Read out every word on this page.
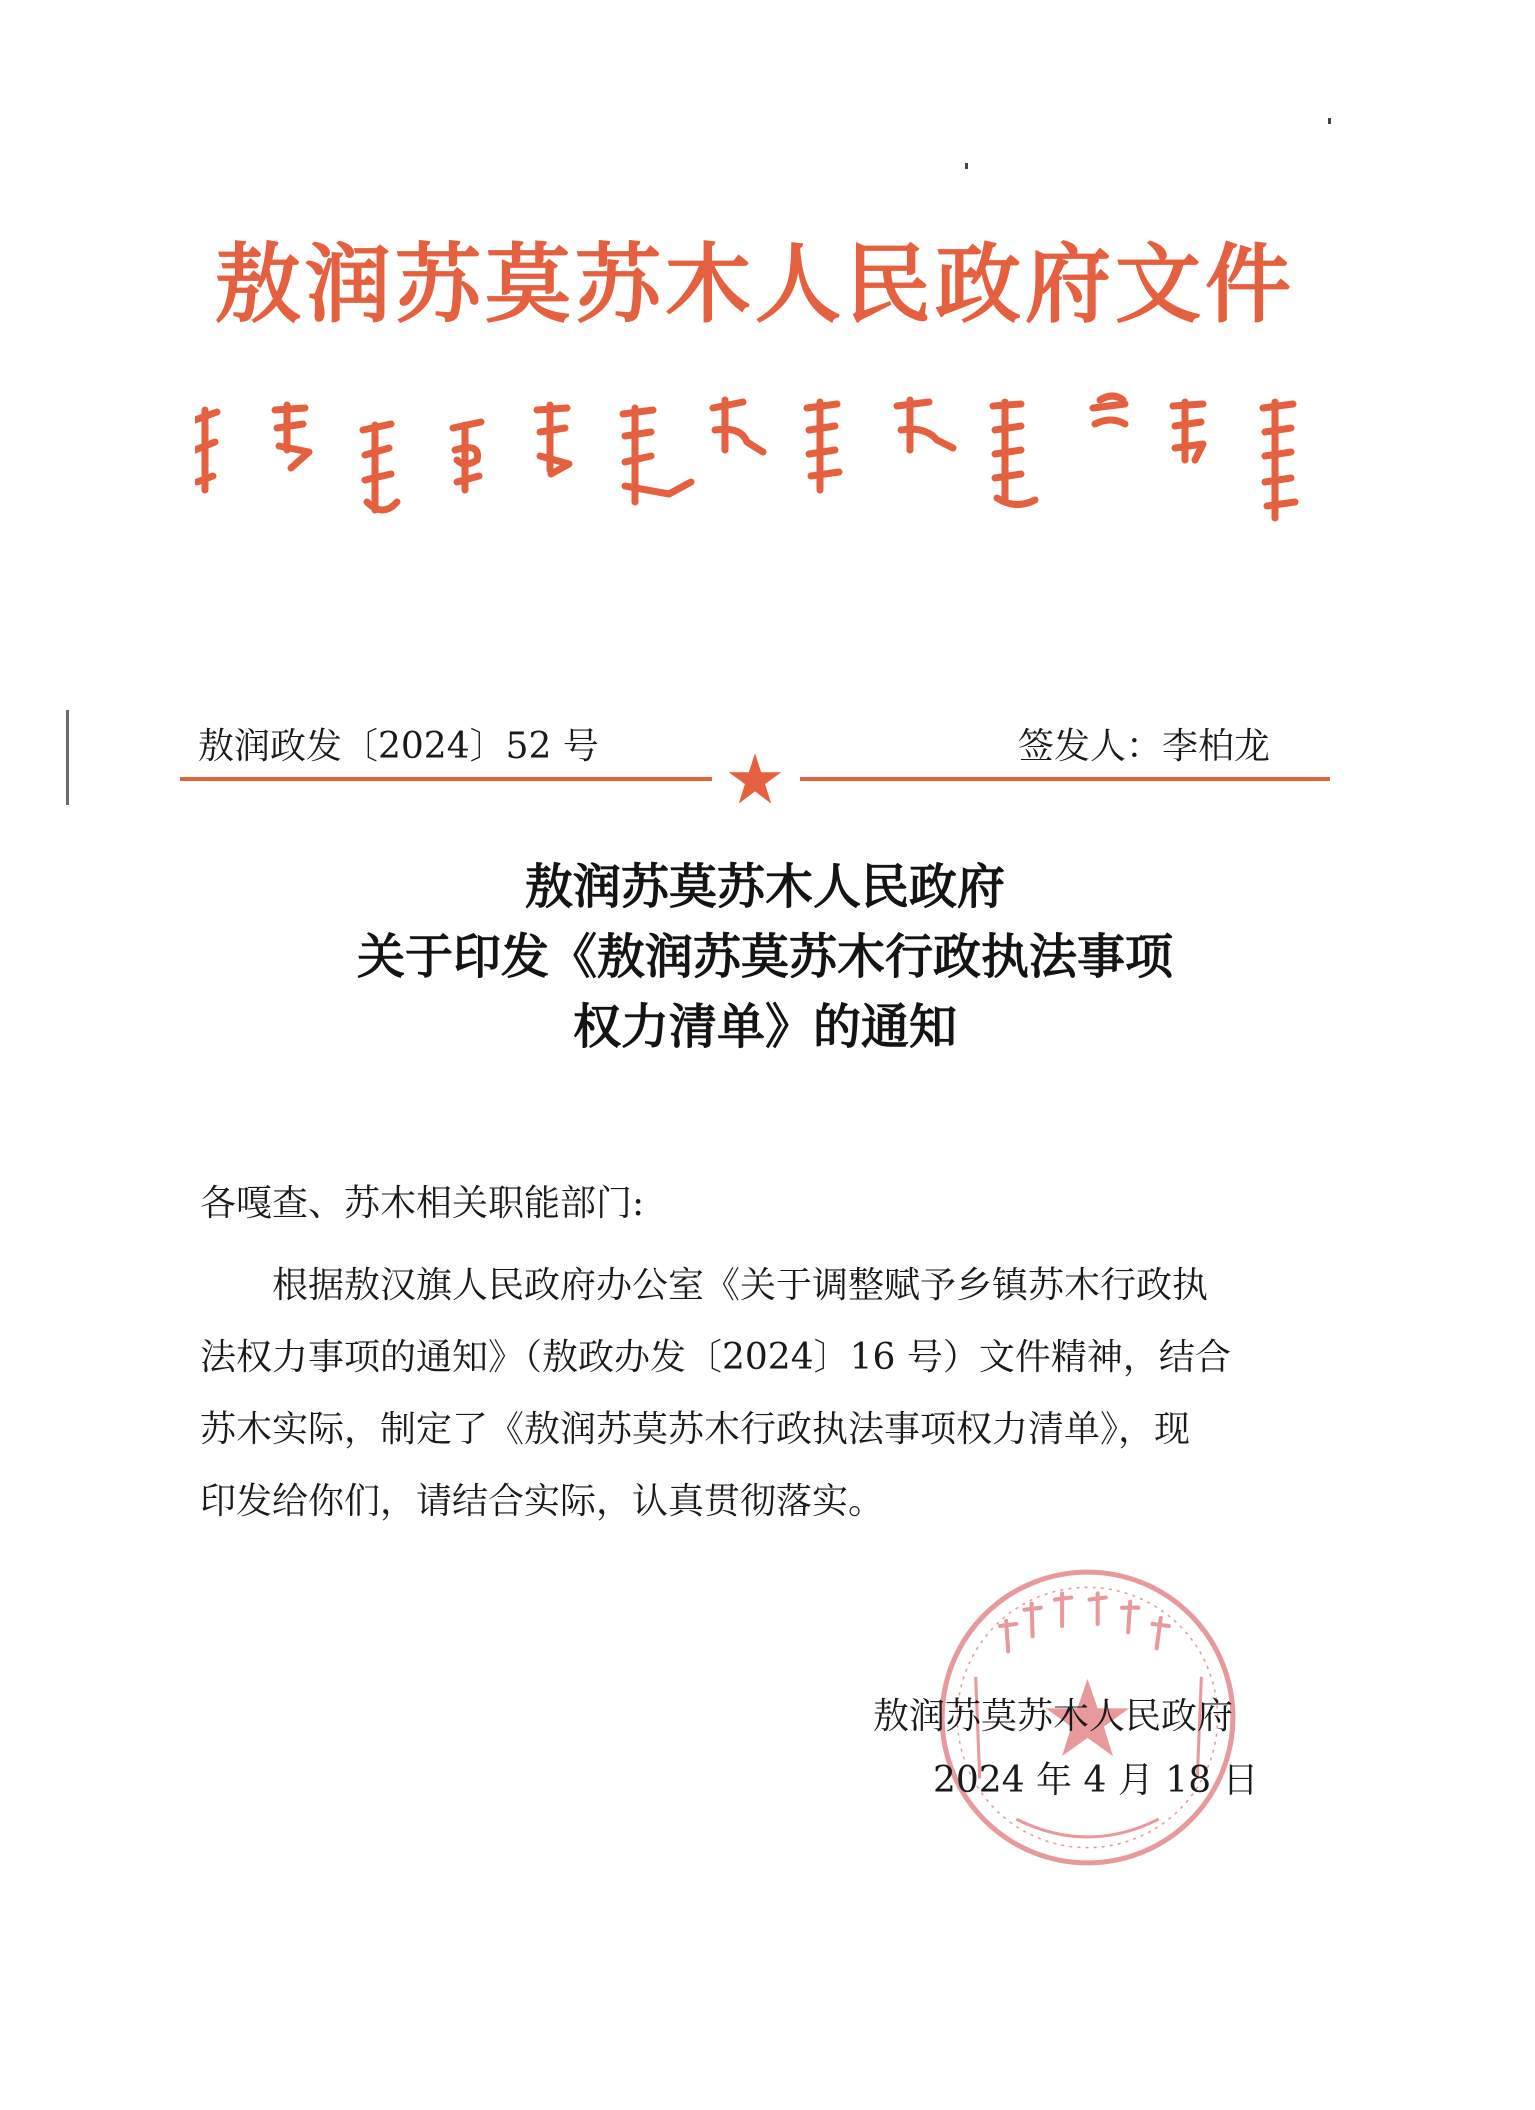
敖润苏莫苏木人民政府文件
敖润政发〔2024〕52 号	签发人：李柏龙
敖润苏莫苏木人民政府
关于印发《敖润苏莫苏木行政执法事项
权力清单》的通知
各嘎查、苏木相关职能部门:
根据敖汉旗人民政府办公室《关于调整赋予乡镇苏木行政执
法权力事项的通知》（敖政办发〔2024〕16 号）文件精神，结合
苏木实际，制定了《敖润苏莫苏木行政执法事项权力清单》，现
印发给你们，请结合实际，认真贯彻落实。
敖润苏莫苏木人民政府
2024 年 4 月 18 日
